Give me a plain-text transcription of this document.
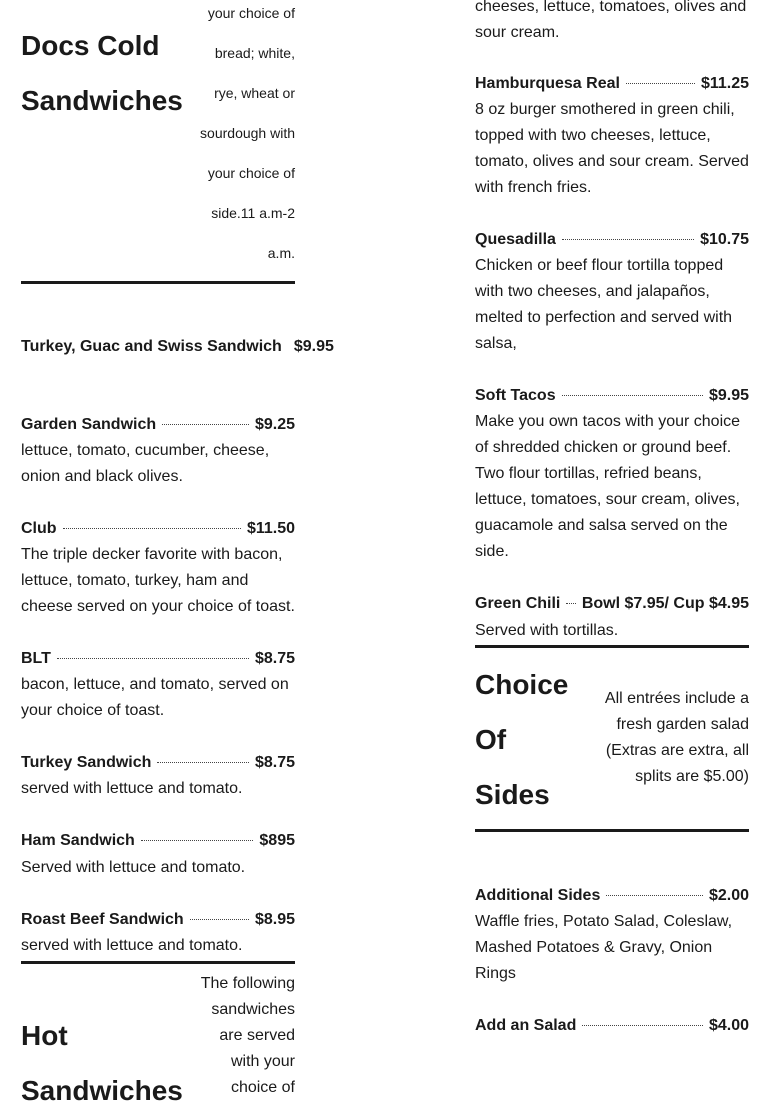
Docs Cold
Sandwiches
your choice of
bread; white,
rye, wheat or
sourdough with
your choice of
side.11 a.m-2
a.m.
Turkey, Guac and Swiss Sandwich $9.95
Garden Sandwich	$9.25
lettuce, tomato, cucumber, cheese, onion and black olives.
Club	$11.50
The triple decker favorite with bacon, lettuce, tomato, turkey, ham and cheese served on your choice of toast.
BLT	$8.75
bacon, lettuce, and tomato, served on your choice of toast.
Turkey Sandwich	$8.75
served with lettuce and tomato.
Ham Sandwich	$895
Served with lettuce and tomato.
Roast Beef Sandwich	$8.95
served with lettuce and tomato.
Hot
Sandwiches
The following
sandwiches
are served
with your
choice of
cheeses, lettuce, tomatoes, olives and sour cream.
Hamburquesa Real	$11.25
8 oz burger smothered in green chili, topped with two cheeses, lettuce, tomato, olives and sour cream. Served with french fries.
Quesadilla	$10.75
Chicken or beef flour tortilla topped with two cheeses, and jalapaños, melted to perfection and served with salsa,
Soft Tacos	$9.95
Make you own tacos with your choice of shredded chicken or ground beef. Two flour tortillas, refried beans, lettuce, tomatoes, sour cream, olives, guacamole and salsa served on the side.
Green Chili Bowl $7.95/ Cup $4.95
Served with tortillas.
Choice
Of
Sides
All entrées include a fresh garden salad (Extras are extra, all splits are $5.00)
Additional Sides	$2.00
Waffle fries, Potato Salad, Coleslaw, Mashed Potatoes & Gravy, Onion Rings
Add an Salad	$4.00
